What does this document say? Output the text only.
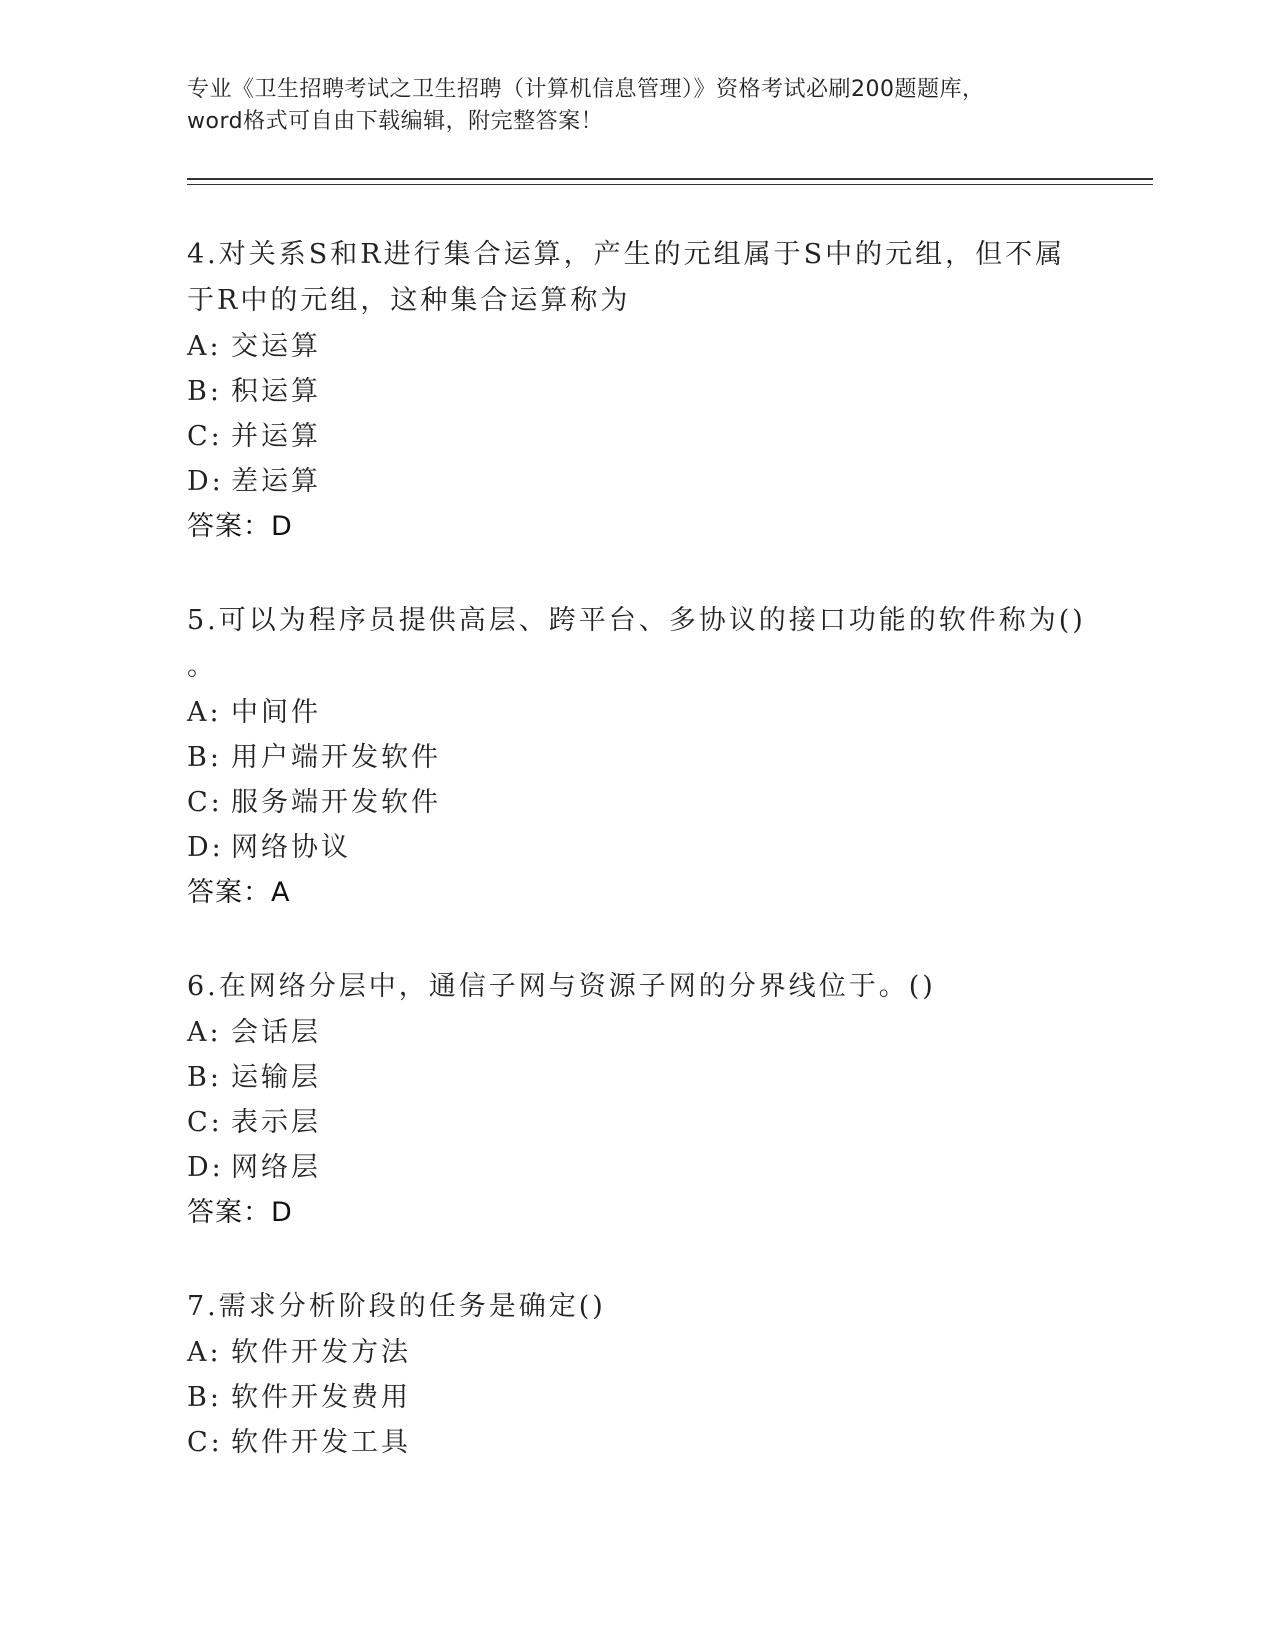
专业《卫生招聘考试之卫生招聘（计算机信息管理）》资格考试必刷200题题库，
word格式可自由下载编辑，附完整答案！
4.对关系S和R进行集合运算，产生的元组属于S中的元组，但不属
于R中的元组，这种集合运算称为
A: 交运算
B: 积运算
C: 并运算
D: 差运算
答案：D
5.可以为程序员提供高层、跨平台、多协议的接口功能的软件称为()
。
A: 中间件
B: 用户端开发软件
C: 服务端开发软件
D: 网络协议
答案：A
6.在网络分层中，通信子网与资源子网的分界线位于。()
A: 会话层
B: 运输层
C: 表示层
D: 网络层
答案：D
7.需求分析阶段的任务是确定()
A: 软件开发方法
B: 软件开发费用
C: 软件开发工具
